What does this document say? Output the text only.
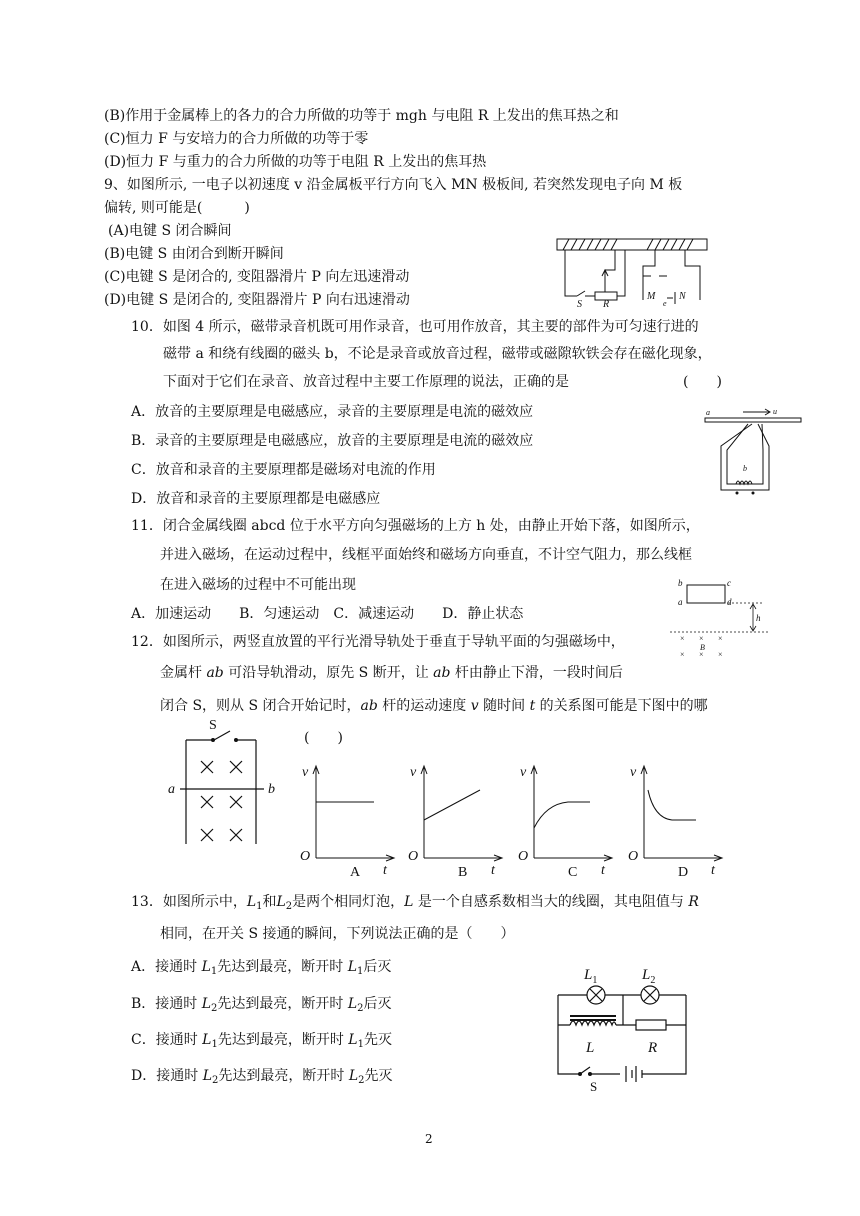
(B)作用于金属棒上的各力的合力所做的功等于 mgh 与电阻 R 上发出的焦耳热之和
(C)恒力 F 与安培力的合力所做的功等于零
(D)恒力 F 与重力的合力所做的功等于电阻 R 上发出的焦耳热
9、如图所示, 一电子以初速度 v 沿金属板平行方向飞入 MN 极板间, 若突然发现电子向 M 板
偏转, 则可能是(　　　)
(A)电键 S 闭合瞬间
(B)电键 S 由闭合到断开瞬间
(C)电键 S 是闭合的, 变阻器滑片 P 向左迅速滑动
(D)电键 S 是闭合的, 变阻器滑片 P 向右迅速滑动	S R
M N
e
10．如图 4 所示，磁带录音机既可用作录音，也可用作放音，其主要的部件为可匀速行进的
磁带 a 和绕有线圈的磁头 b，不论是录音或放音过程，磁带或磁隙软铁会存在磁化现象，
下面对于它们在录音、放音过程中主要工作原理的说法，正确的是	(　　)
A．放音的主要原理是电磁感应，录音的主要原理是电流的磁效应
B．录音的主要原理是电磁感应，放音的主要原理是电流的磁效应
C．放音和录音的主要原理都是磁场对电流的作用
D．放音和录音的主要原理都是电磁感应
a	u
b
11．闭合金属线圈 abcd 位于水平方向匀强磁场的上方 h 处，由静止开始下落，如图所示，
并进入磁场，在运动过程中，线框平面始终和磁场方向垂直，不计空气阻力，那么线框
在进入磁场的过程中不可能出现
A．加速运动　　B．匀速运动　C．减速运动　　D．静止状态
× × ×
× × ×
b	c
a	d
h
B
12．如图所示，两竖直放置的平行光滑导轨处于垂直于导轨平面的匀强磁场中，
金属杆 ab 可沿导轨滑动，原先 S 断开，让 ab 杆由静止下滑，一段时间后
闭合 S，则从 S 闭合开始记时，ab 杆的运动速度 v 随时间 t 的关系图可能是下图中的哪
(　　)
S
a	b
v
t
O
A
v
t
O
B
v
t
O
C
v
t
O
D
13．如图所示中，$L_1$和$L_2$是两个相同灯泡，L 是一个自感系数相当大的线圈，其电阻值与 R
相同，在开关 S 接通的瞬间，下列说法正确的是（　　）
A．接通时 $L_1$先达到最亮，断开时 $L_1$后灭
B．接通时 $L_2$先达到最亮，断开时 $L_2$后灭
C．接通时 $L_1$先达到最亮，断开时 $L_1$先灭
D．接通时 $L_2$先达到最亮，断开时 $L_2$先灭
$L_1$	$L_2$
L	R
S
2
